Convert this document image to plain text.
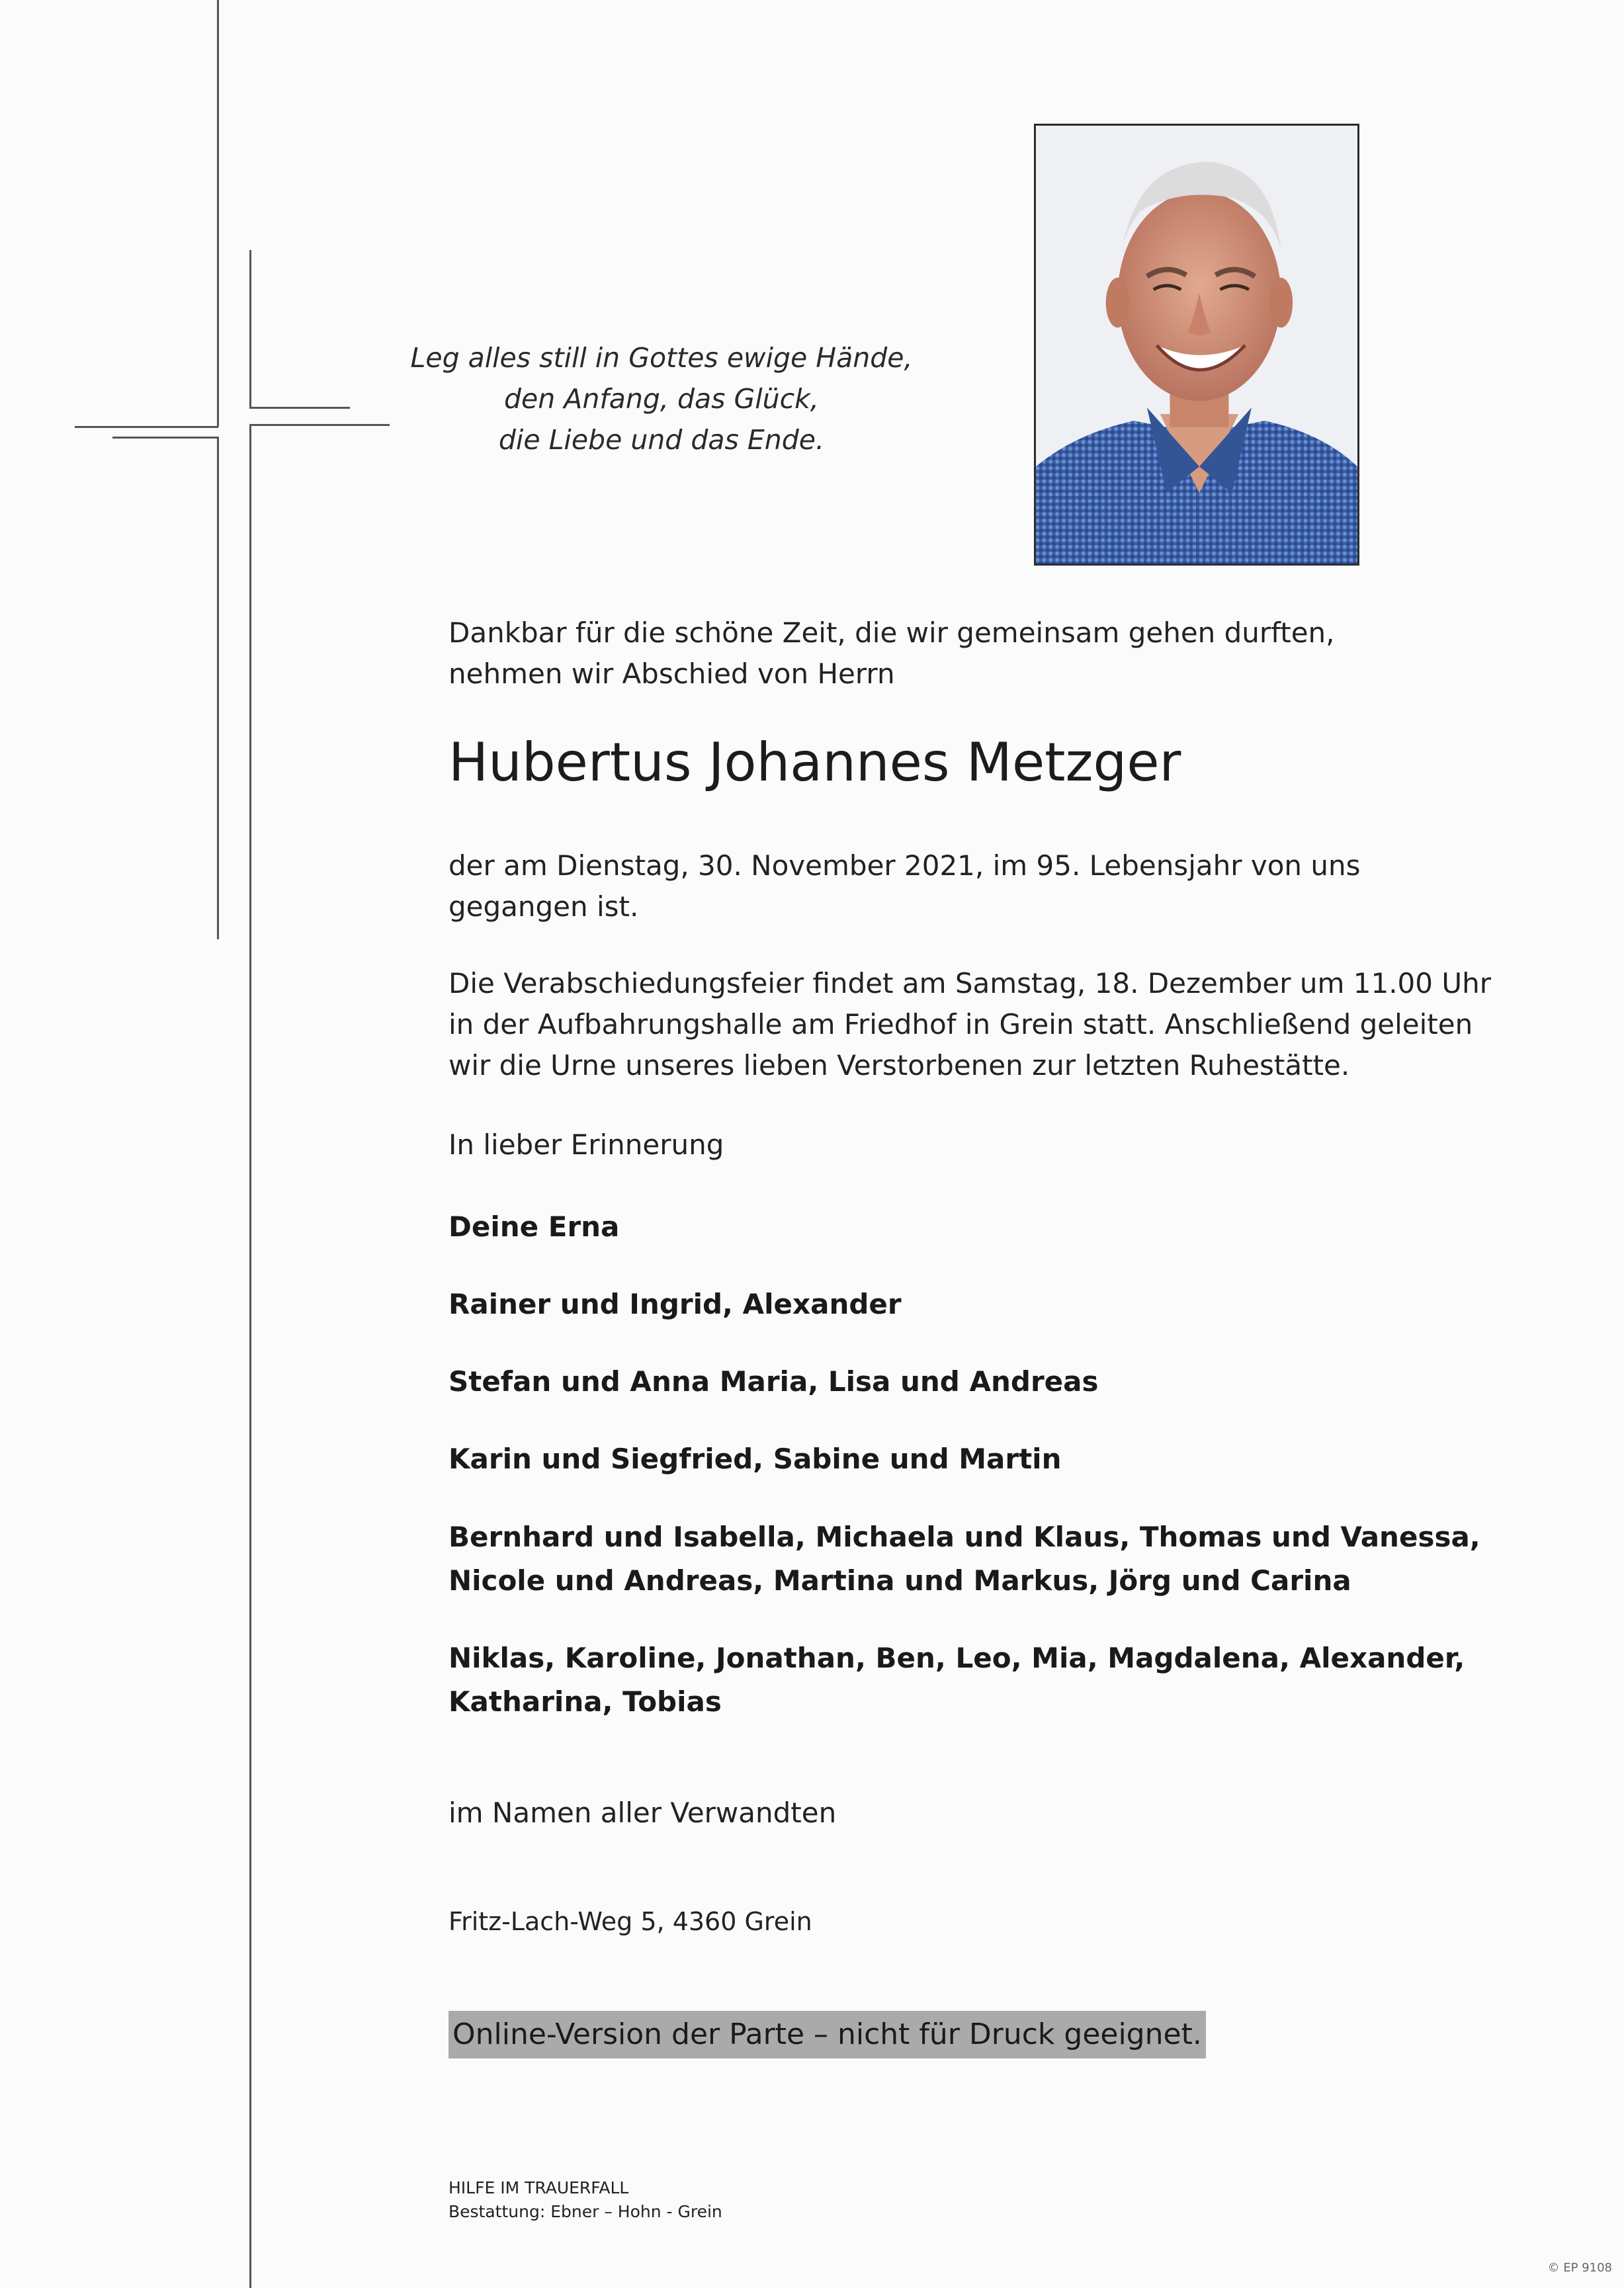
Leg alles still in Gottes ewige Hände,
den Anfang, das Glück,
die Liebe und das Ende.
Dankbar für die schöne Zeit, die wir gemeinsam gehen durften,
nehmen wir Abschied von Herrn
Hubertus Johannes Metzger
der am Dienstag, 30. November 2021, im 95. Lebensjahr von uns
gegangen ist.
Die Verabschiedungsfeier findet am Samstag, 18. Dezember um 11.00 Uhr
in der Aufbahrungshalle am Friedhof in Grein statt. Anschließend geleiten
wir die Urne unseres lieben Verstorbenen zur letzten Ruhestätte.
In lieber Erinnerung
Deine Erna
Rainer und Ingrid, Alexander
Stefan und Anna Maria, Lisa und Andreas
Karin und Siegfried, Sabine und Martin
Bernhard und Isabella, Michaela und Klaus, Thomas und Vanessa,
Nicole und Andreas, Martina und Markus, Jörg und Carina
Niklas, Karoline, Jonathan, Ben, Leo, Mia, Magdalena, Alexander,
Katharina, Tobias
im Namen aller Verwandten
Fritz-Lach-Weg 5, 4360 Grein
Online-Version der Parte – nicht für Druck geeignet.
HILFE IM TRAUERFALL
Bestattung: Ebner – Hohn - Grein
© EP 9108
